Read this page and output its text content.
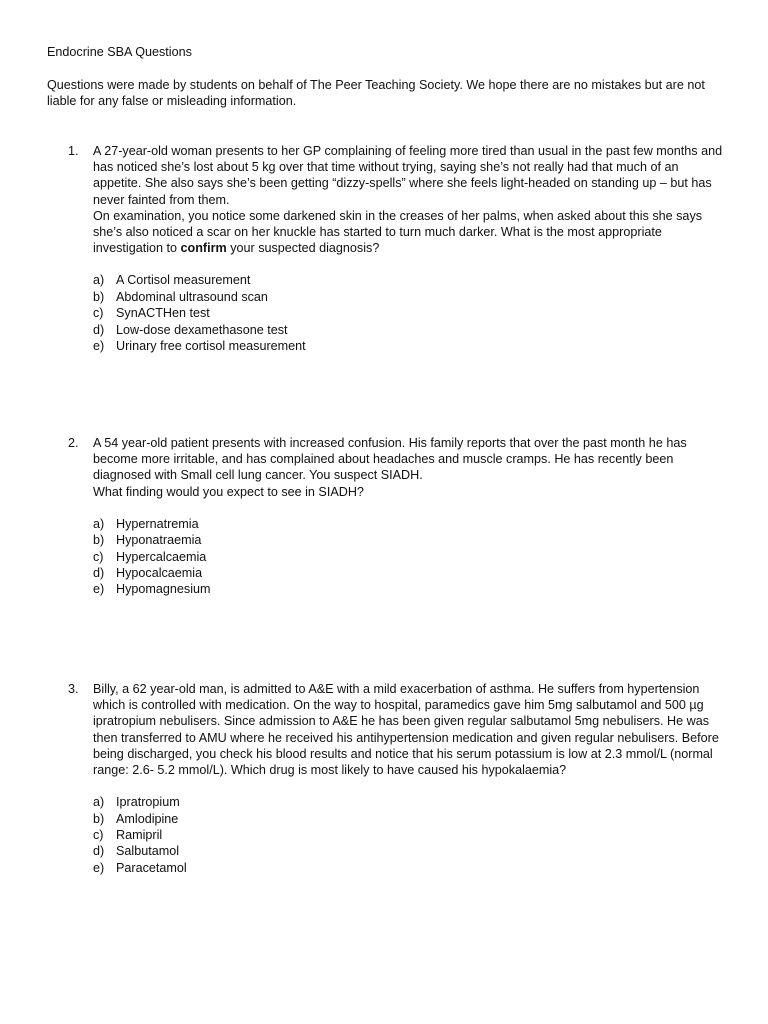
Endocrine SBA Questions
Questions were made by students on behalf of The Peer Teaching Society. We hope there are no mistakes but are not liable for any false or misleading information.
1.	A 27-year-old woman presents to her GP complaining of feeling more tired than usual in the past few months and has noticed she’s lost about 5 kg over that time without trying, saying she’s not really had that much of an appetite. She also says she’s been getting “dizzy-spells” where she feels light-headed on standing up – but has never fainted from them.
On examination, you notice some darkened skin in the creases of her palms, when asked about this she says she’s also noticed a scar on her knuckle has started to turn much darker. What is the most appropriate investigation to confirm your suspected diagnosis?
a) A Cortisol measurement
b) Abdominal ultrasound scan
c) SynACTHen test
d) Low-dose dexamethasone test
e) Urinary free cortisol measurement
2.	A 54 year-old patient presents with increased confusion. His family reports that over the past month he has become more irritable, and has complained about headaches and muscle cramps. He has recently been diagnosed with Small cell lung cancer. You suspect SIADH.
What finding would you expect to see in SIADH?
a) Hypernatremia
b) Hyponatraemia
c) Hypercalcaemia
d) Hypocalcaemia
e) Hypomagnesium
3.	Billy, a 62 year-old man, is admitted to A&E with a mild exacerbation of asthma. He suffers from hypertension which is controlled with medication. On the way to hospital, paramedics gave him 5mg salbutamol and 500 µg ipratropium nebulisers. Since admission to A&E he has been given regular salbutamol 5mg nebulisers. He was then transferred to AMU where he received his antihypertension medication and given regular nebulisers. Before being discharged, you check his blood results and notice that his serum potassium is low at 2.3 mmol/L (normal range: 2.6- 5.2 mmol/L). Which drug is most likely to have caused his hypokalaemia?
a) Ipratropium
b) Amlodipine
c) Ramipril
d) Salbutamol
e) Paracetamol
